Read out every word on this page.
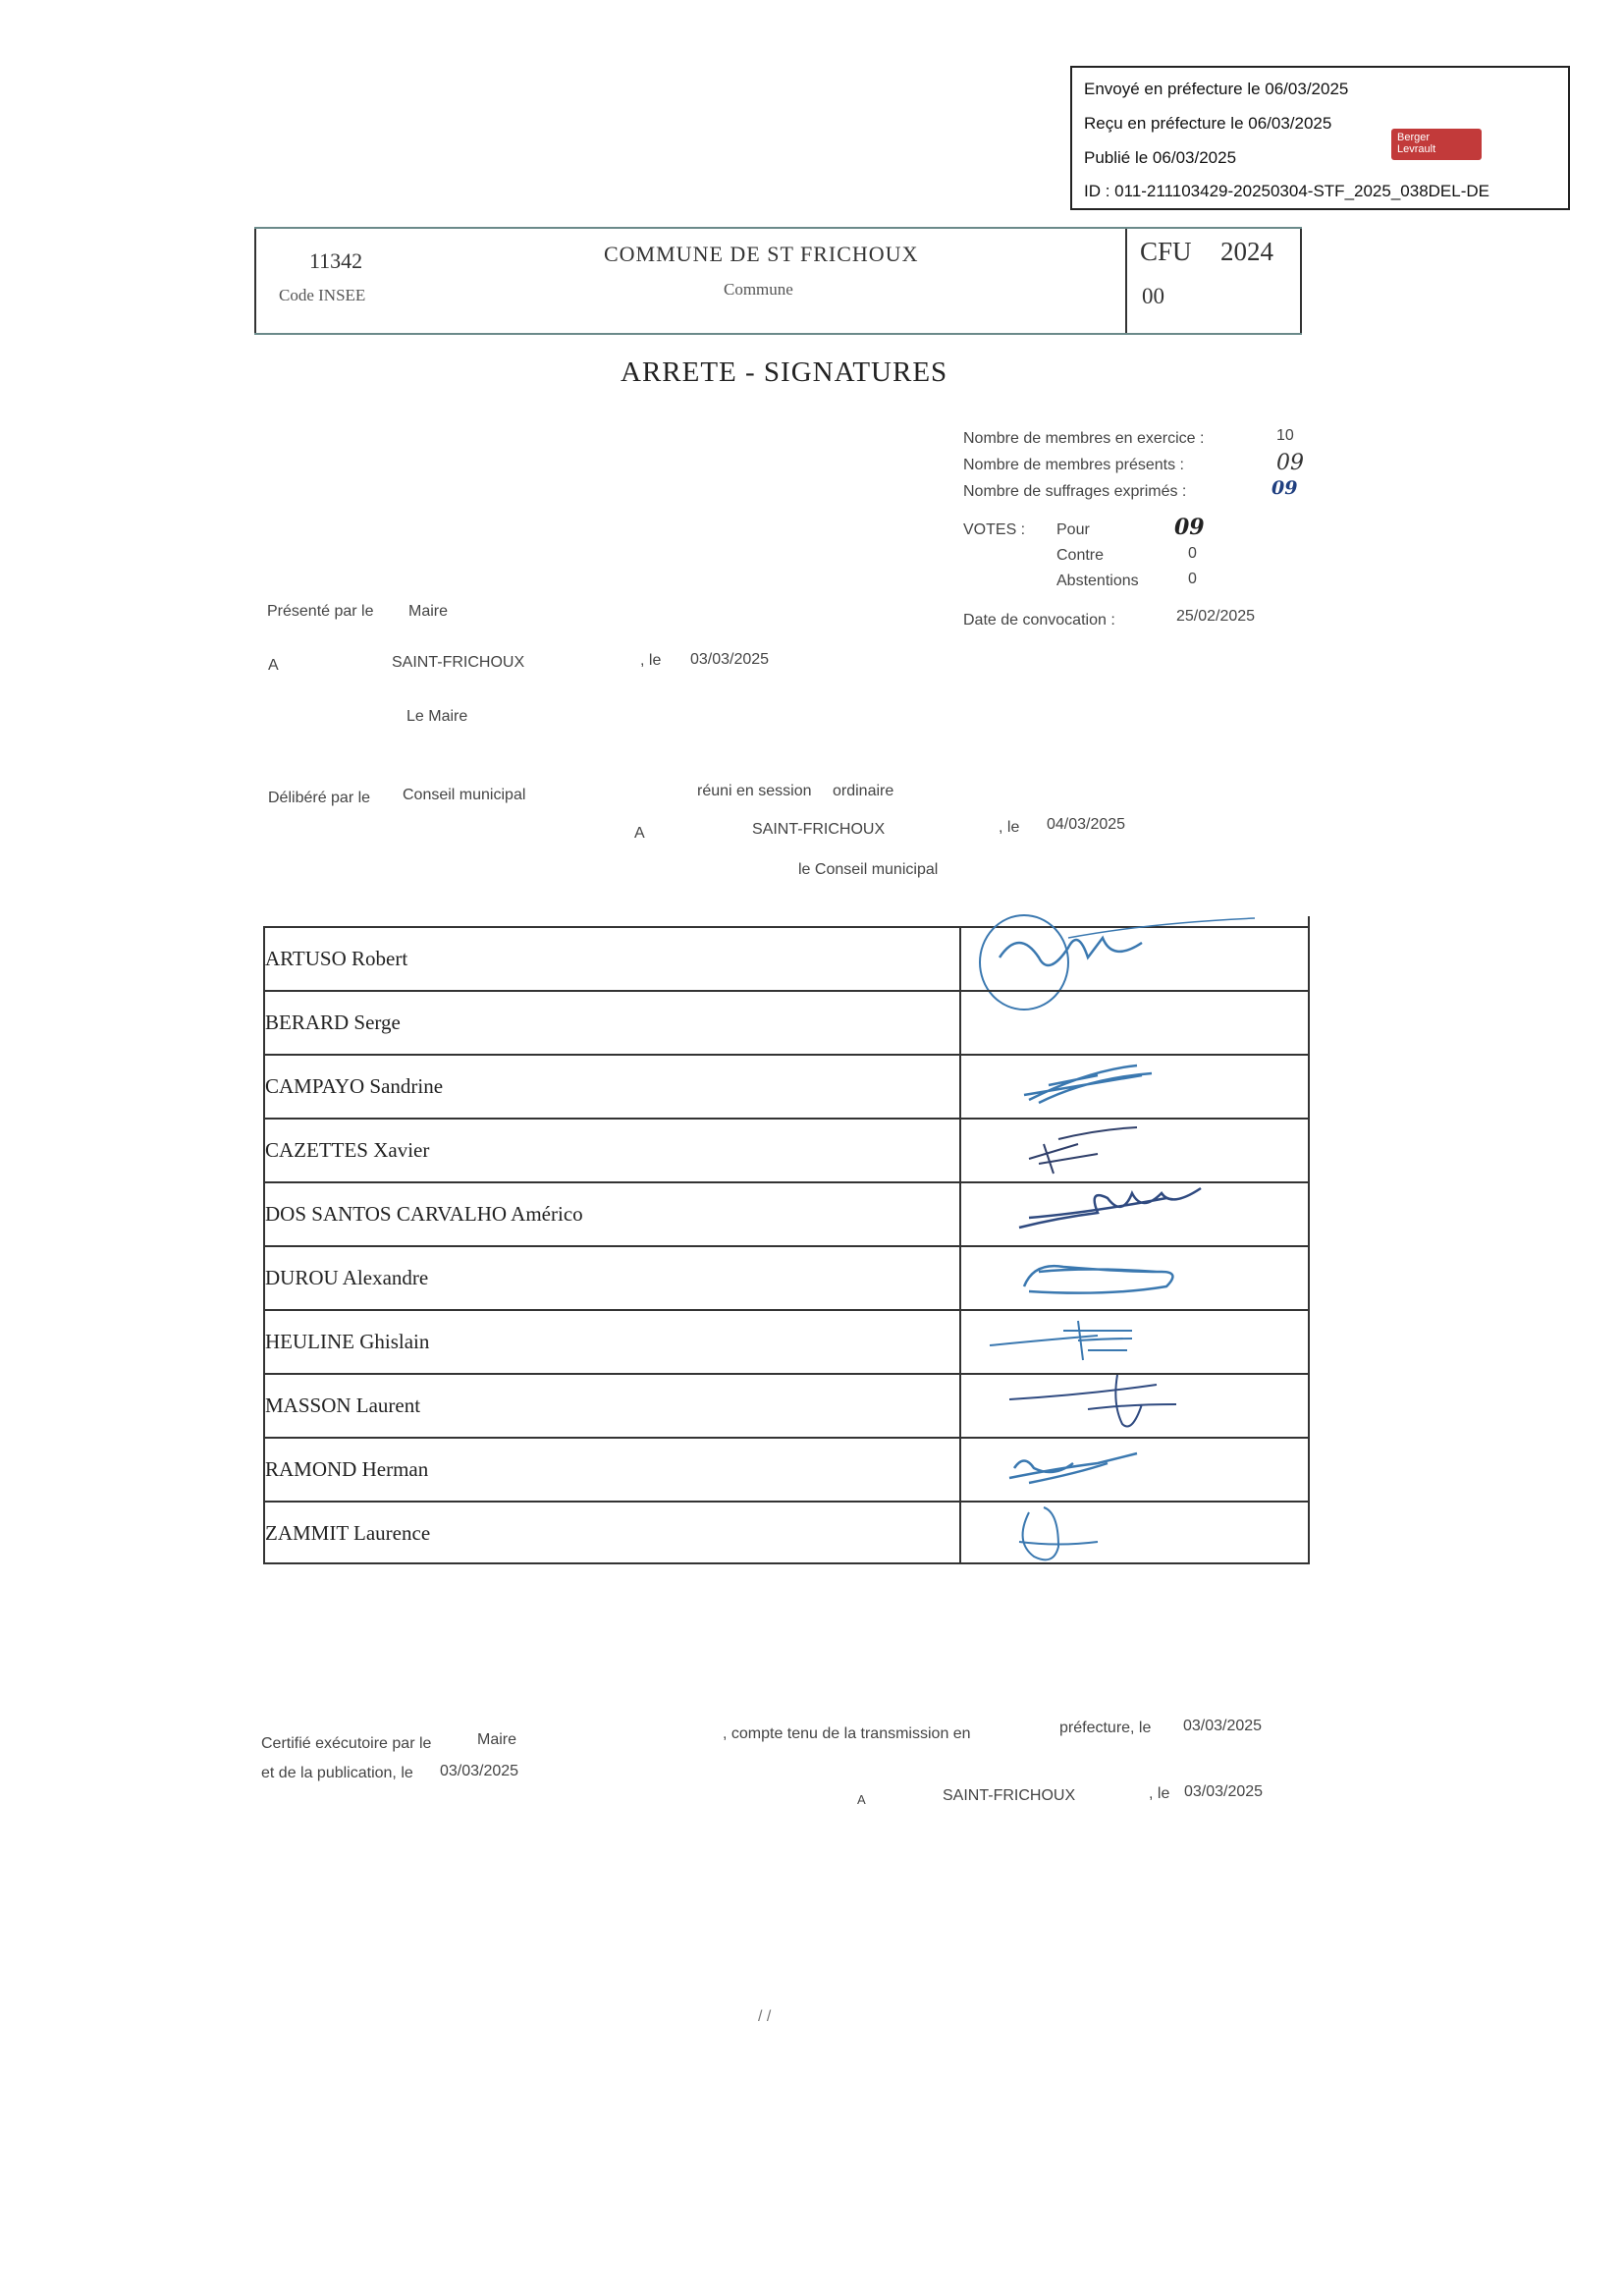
Envoyé en préfecture le 06/03/2025
Reçu en préfecture le 06/03/2025
Publié le 06/03/2025
ID : 011-211103429-20250304-STF_2025_038DEL-DE
Berger
Levrault
11342
Code INSEE
COMMUNE DE ST FRICHOUX
Commune
CFU 2024
00
ARRETE - SIGNATURES
Nombre de membres en exercice :	10
Nombre de membres présents :	09
Nombre de suffrages exprimés :	09
VOTES : Pour	09
Contre	0
Abstentions	0
Date de convocation :	25/02/2025
Présenté par le Maire
A	SAINT-FRICHOUX	, le 03/03/2025
Le Maire
Délibéré par le Conseil municipal	réuni en session ordinaire
A	SAINT-FRICHOUX	, le 04/03/2025
le Conseil municipal
ARTUSO Robert
BERARD Serge
CAMPAYO Sandrine
CAZETTES Xavier
DOS SANTOS CARVALHO Américo
DUROU Alexandre
HEULINE Ghislain
MASSON Laurent
RAMOND Herman
ZAMMIT Laurence
Certifié exécutoire par le	Maire	, compte tenu de la transmission en	préfecture, le 03/03/2025
et de la publication, le 03/03/2025
A	SAINT-FRICHOUX	, le 03/03/2025
/ /
